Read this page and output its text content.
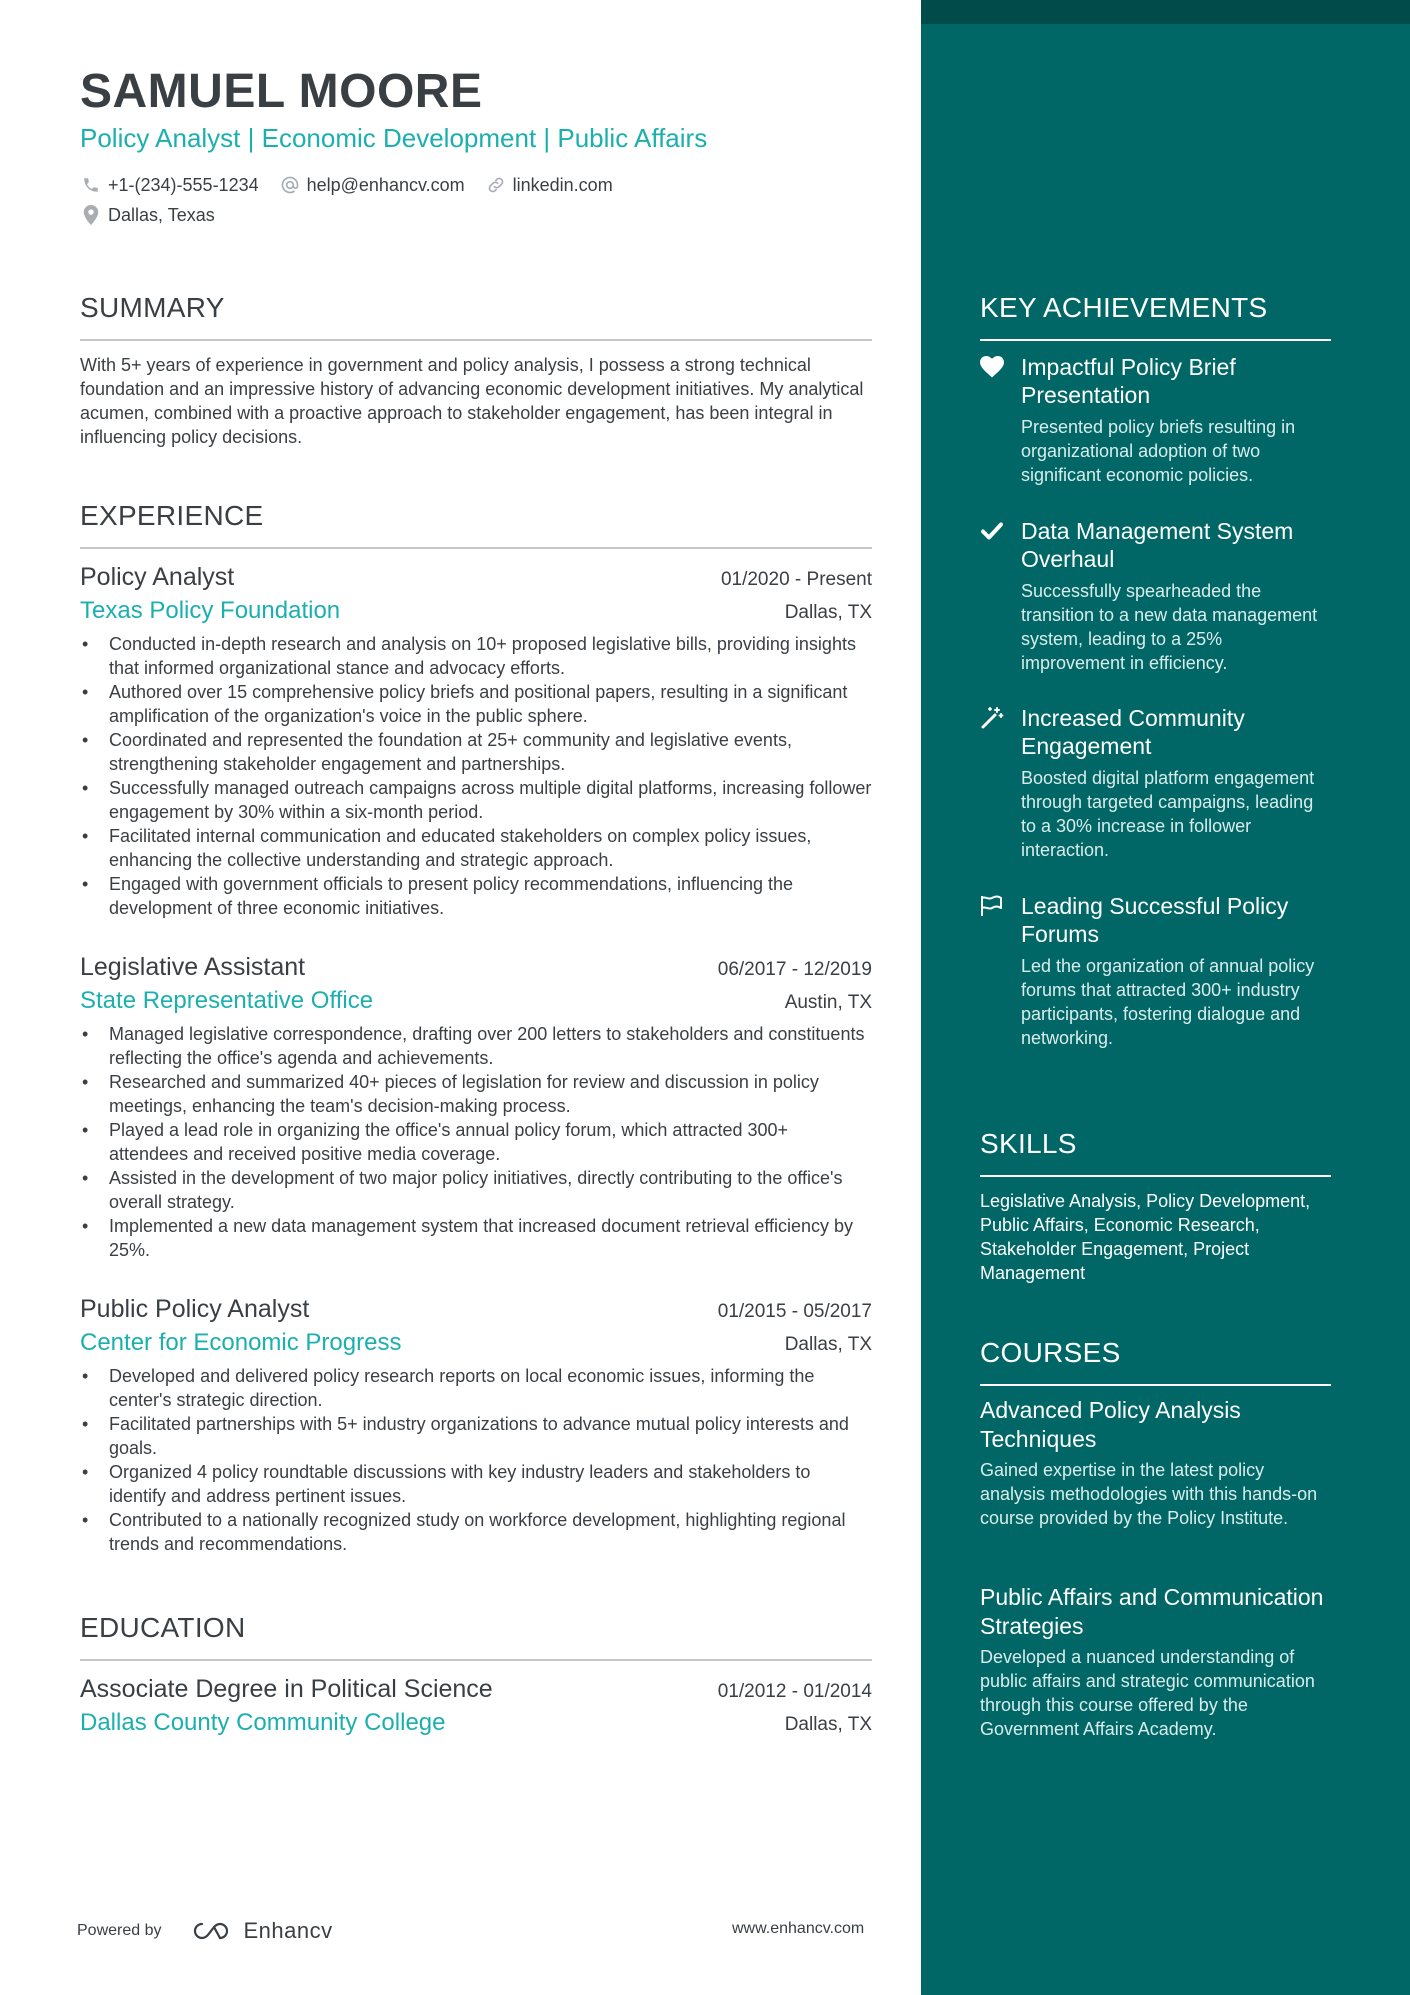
SAMUEL MOORE
Policy Analyst | Economic Development | Public Affairs
+1-(234)-555-1234	help@enhancv.com	linkedin.com
Dallas, Texas
SUMMARY
With 5+ years of experience in government and policy analysis, I possess a strong technical foundation and an impressive history of advancing economic development initiatives. My analytical acumen, combined with a proactive approach to stakeholder engagement, has been integral in influencing policy decisions.
EXPERIENCE
Policy Analyst	01/2020 - Present
Texas Policy Foundation	Dallas, TX
• Conducted in-depth research and analysis on 10+ proposed legislative bills, providing insights that informed organizational stance and advocacy efforts.
• Authored over 15 comprehensive policy briefs and positional papers, resulting in a significant amplification of the organization's voice in the public sphere.
• Coordinated and represented the foundation at 25+ community and legislative events, strengthening stakeholder engagement and partnerships.
• Successfully managed outreach campaigns across multiple digital platforms, increasing follower engagement by 30% within a six-month period.
• Facilitated internal communication and educated stakeholders on complex policy issues, enhancing the collective understanding and strategic approach.
• Engaged with government officials to present policy recommendations, influencing the development of three economic initiatives.
Legislative Assistant	06/2017 - 12/2019
State Representative Office	Austin, TX
• Managed legislative correspondence, drafting over 200 letters to stakeholders and constituents reflecting the office's agenda and achievements.
• Researched and summarized 40+ pieces of legislation for review and discussion in policy meetings, enhancing the team's decision-making process.
• Played a lead role in organizing the office's annual policy forum, which attracted 300+ attendees and received positive media coverage.
• Assisted in the development of two major policy initiatives, directly contributing to the office's overall strategy.
• Implemented a new data management system that increased document retrieval efficiency by 25%.
Public Policy Analyst	01/2015 - 05/2017
Center for Economic Progress	Dallas, TX
• Developed and delivered policy research reports on local economic issues, informing the center's strategic direction.
• Facilitated partnerships with 5+ industry organizations to advance mutual policy interests and goals.
• Organized 4 policy roundtable discussions with key industry leaders and stakeholders to identify and address pertinent issues.
• Contributed to a nationally recognized study on workforce development, highlighting regional trends and recommendations.
EDUCATION
Associate Degree in Political Science	01/2012 - 01/2014
Dallas County Community College	Dallas, TX
KEY ACHIEVEMENTS
Impactful Policy Brief Presentation
Presented policy briefs resulting in organizational adoption of two significant economic policies.
Data Management System Overhaul
Successfully spearheaded the transition to a new data management system, leading to a 25% improvement in efficiency.
Increased Community Engagement
Boosted digital platform engagement through targeted campaigns, leading to a 30% increase in follower interaction.
Leading Successful Policy Forums
Led the organization of annual policy forums that attracted 300+ industry participants, fostering dialogue and networking.
SKILLS
Legislative Analysis, Policy Development, Public Affairs, Economic Research, Stakeholder Engagement, Project Management
COURSES
Advanced Policy Analysis Techniques
Gained expertise in the latest policy analysis methodologies with this hands-on course provided by the Policy Institute.
Public Affairs and Communication Strategies
Developed a nuanced understanding of public affairs and strategic communication through this course offered by the Government Affairs Academy.
Powered by	Enhancv	www.enhancv.com
